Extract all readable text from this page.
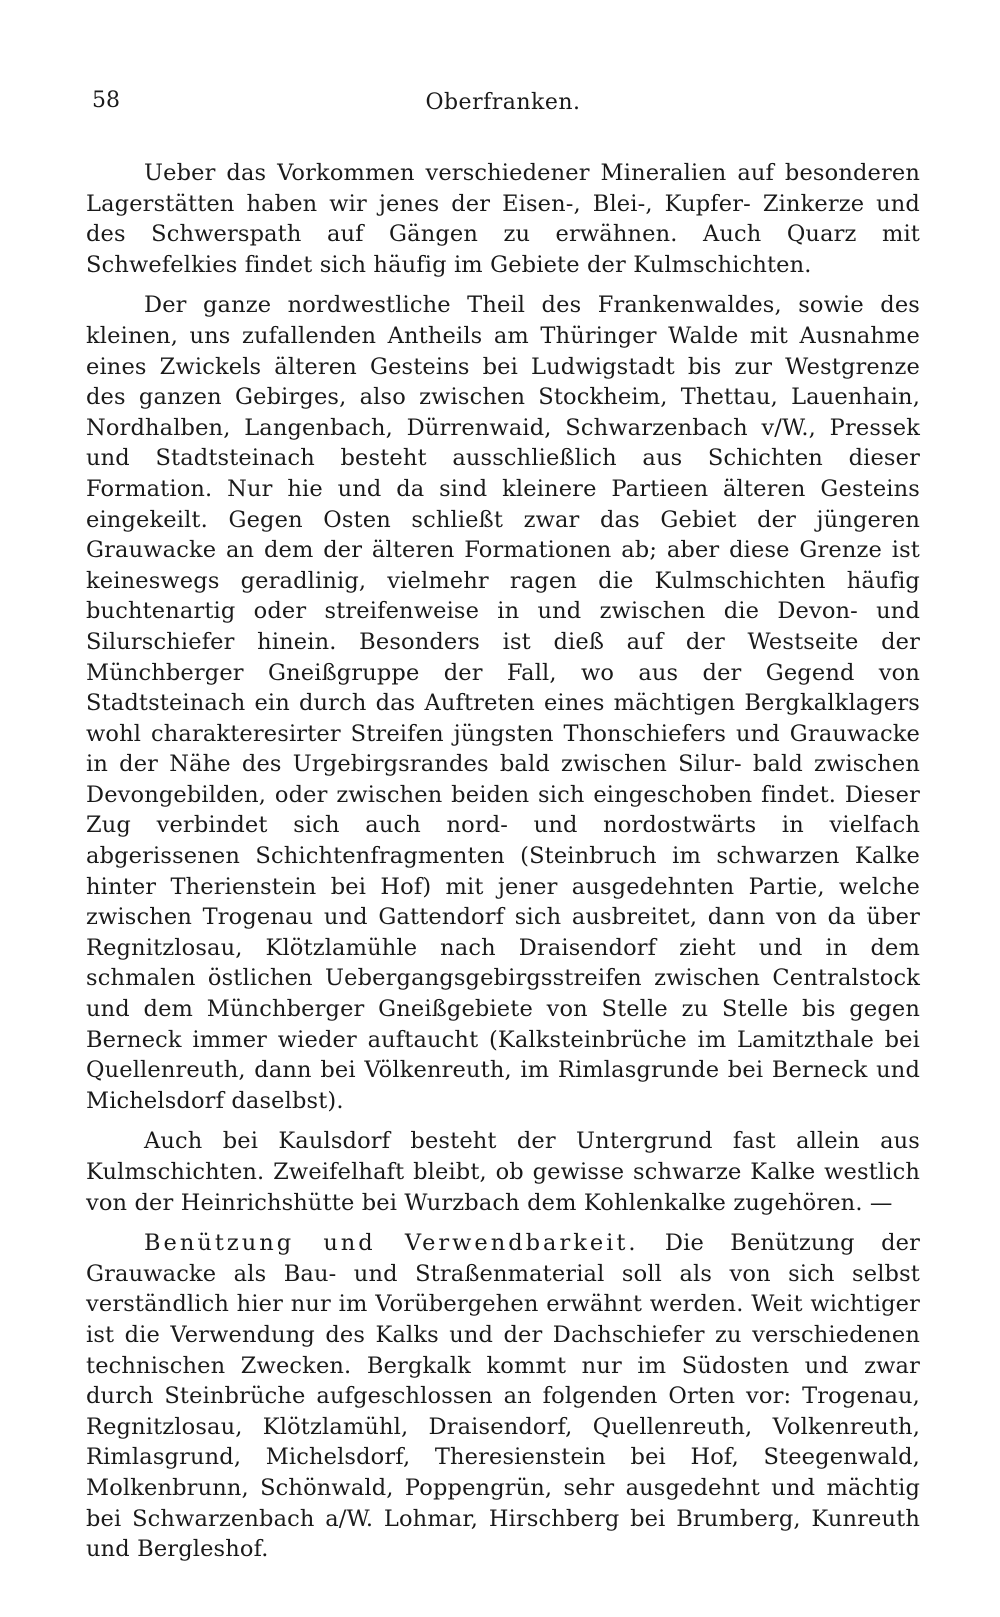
58	Oberfranken.

Ueber das Vorkommen verschiedener Mineralien auf besonderen Lagerstätten haben wir jenes der Eisen-, Blei-, Kupfer- Zinkerze und des Schwerspath auf Gängen zu erwähnen. Auch Quarz mit Schwefelkies findet sich häufig im Gebiete der Kulmschichten.

Der ganze nordwestliche Theil des Frankenwaldes, sowie des kleinen, uns zufallenden Antheils am Thüringer Walde mit Ausnahme eines Zwickels älteren Gesteins bei Ludwigstadt bis zur Westgrenze des ganzen Gebirges, also zwischen Stockheim, Thettau, Lauenhain, Nordhalben, Langenbach, Dürrenwaid, Schwarzenbach v/W., Pressek und Stadtsteinach besteht ausschließlich aus Schichten dieser Formation. Nur hie und da sind kleinere Partieen älteren Gesteins eingekeilt. Gegen Osten schließt zwar das Gebiet der jüngeren Grauwacke an dem der älteren Formationen ab; aber diese Grenze ist keineswegs geradlinig, vielmehr ragen die Kulmschichten häufig buchtenartig oder streifenweise in und zwischen die Devon- und Silurschiefer hinein. Besonders ist dieß auf der Westseite der Münchberger Gneißgruppe der Fall, wo aus der Gegend von Stadtsteinach ein durch das Auftreten eines mächtigen Bergkalklagers wohl charakteresirter Streifen jüngsten Thonschiefers und Grauwacke in der Nähe des Urgebirgsrandes bald zwischen Silur- bald zwischen Devongebilden, oder zwischen beiden sich eingeschoben findet. Dieser Zug verbindet sich auch nord- und nordostwärts in vielfach abgerissenen Schichtenfragmenten (Steinbruch im schwarzen Kalke hinter Therienstein bei Hof) mit jener ausgedehnten Partie, welche zwischen Trogenau und Gattendorf sich ausbreitet, dann von da über Regnitzlosau, Klötzlamühle nach Draisendorf zieht und in dem schmalen östlichen Uebergangsgebirgsstreifen zwischen Centralstock und dem Münchberger Gneißgebiete von Stelle zu Stelle bis gegen Berneck immer wieder auftaucht (Kalksteinbrüche im Lamitzthale bei Quellenreuth, dann bei Völkenreuth, im Rimlasgrunde bei Berneck und Michelsdorf daselbst).

Auch bei Kaulsdorf besteht der Untergrund fast allein aus Kulmschichten. Zweifelhaft bleibt, ob gewisse schwarze Kalke westlich von der Heinrichshütte bei Wurzbach dem Kohlenkalke zugehören. —

Benützung und Verwendbarkeit. Die Benützung der Grauwacke als Bau- und Straßenmaterial soll als von sich selbst verständlich hier nur im Vorübergehen erwähnt werden. Weit wichtiger ist die Verwendung des Kalks und der Dachschiefer zu verschiedenen technischen Zwecken. Bergkalk kommt nur im Südosten und zwar durch Steinbrüche aufgeschlossen an folgenden Orten vor: Trogenau, Regnitzlosau, Klötzlamühl, Draisendorf, Quellenreuth, Volkenreuth, Rimlasgrund, Michelsdorf, Theresienstein bei Hof, Steegenwald, Molkenbrunn, Schönwald, Poppengrün, sehr ausgedehnt und mächtig bei Schwarzenbach a/W. Lohmar, Hirschberg bei Brumberg, Kunreuth und Bergleshof.
